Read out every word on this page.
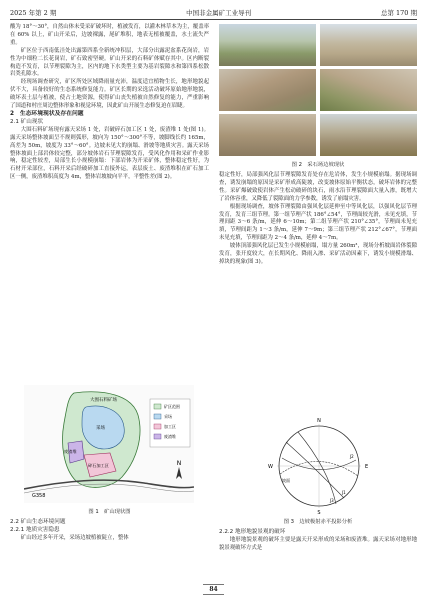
2025 年第 2 期	中国非金属矿工业导刊	总第 170 期

酸为 18°～30°，自然山体未受采矿破坏时，植被发育，以灌木林草本为主，覆盖率在 60% 以上，矿山开采后，边坡裸露，尾矿堆积，地表无植被覆盖，水土流失严重。

矿区位于西南低洼处出露第四系全新统冲积层，大部分出露泥盆系花岗岩，岩性为中细粒二长花岗岩，矿石致密坚硬。矿山开采的石料矿体赋存其中。区内断裂构造不发育，以节理裂隙为主，区内的地下水类型主要为基岩裂隙水和第四系松散岩类孔隙水。

经现场调查研究，矿区所处区域降雨量充沛，温度适宜植物生长，地形地貌起伏不大，具备较好的生态系统修复能力。矿区长期的采选活动破坏原始地形地貌，破坏表土层与植被，使占土地资源，使得矿山丧失植被自然修复的能力，严重影响了国道和村庄周边整体形象和视觉环境，因此矿山开展生态修复迫在眉睫。

2　生态环境现状及存在问题

2.1 矿山现状

大围石料矿场现有露天采场 1 处，岩破碎石加工区 1 处，废渣堆 1 处(图 1)。露天采场整体坡面呈不规则弧形，坡向为 150°～300°不等，坡脚线长约 165m，高差为 50m，坡度为 33°～60°。边坡未见大的崩塌、滑坡等地质灾害。露天采场整体坡面上部岩体较完整，部分坡体岩石节理裂隙发育，受风化作用和采矿作业影响，稳定性较差，局部生长小规模崩塌：下部岩体为开采矿体，整体稳定性好，为石材开采部位，石料开采后经破碎加工直接外运，表层废土、废渣堆积在矿石加工区一侧，废渣堆积高度为 4m，整体岩坡坡向平平，平整性差(图 2)。

G358
大围石料矿场
采场
碎石加工区
废渣堆
矿区范围
采场
加工区
废渣堆
N
图 1　矿山现状图

2.2 矿山生态环境问题

2.2.1 地质灾害隐患

矿山经过多年开采，采场边坡植被陡立，整体

图 2　采石场边坡现状

稳定性好，局部强风化层节理裂隙发育处存在危岩体，发生小规模崩塌。据现场调查，诱发崩塌的原因是采矿形成高陡坡，改变坡体原始平衡状态，破坏岩体的完整性。采矿爆破致使岩体产生松动破碎的块石，雨水沿节理裂隙面大量入渗，既增大了岩体容重，又降低了裂隙面的力学参数，诱发了崩塌灾害。

根据现场调查，坡体节理裂隙由强风化层延伸至中等风化层，以强风化层节理发育，发育三组节理。第一组节理产状 186°∠54°，节理面较光滑，未见充填，节理间距 3～6 条/m，延伸 6～10m；第二组节理产状 210°∠35°，节理面未见充填，节理间距为 1～3 条/m，延伸 7～9m；第三组节理产状 212°∠67°，节理面未见充填，节理间距为 2～4 条/m，延伸 4～7m。

坡体顶部强风化层已发生小规模崩塌，塌方量 260m³，现场分析坡面岩体裂隙发育，张开度较大，在长期风化、降雨入渗、采矿活动因素下，诱发小规模滑塌、掉块的现象(图 3)。

N
E
S
W
J1
J2
J3
坡面
图 3　边坡极射赤平投影分析

2.2.2 地形地貌景观的破坏

地形地貌景观的破坏主要是露天开采形成的采场和废渣堆。露天采场对地形地貌景观破坏方式是

84
